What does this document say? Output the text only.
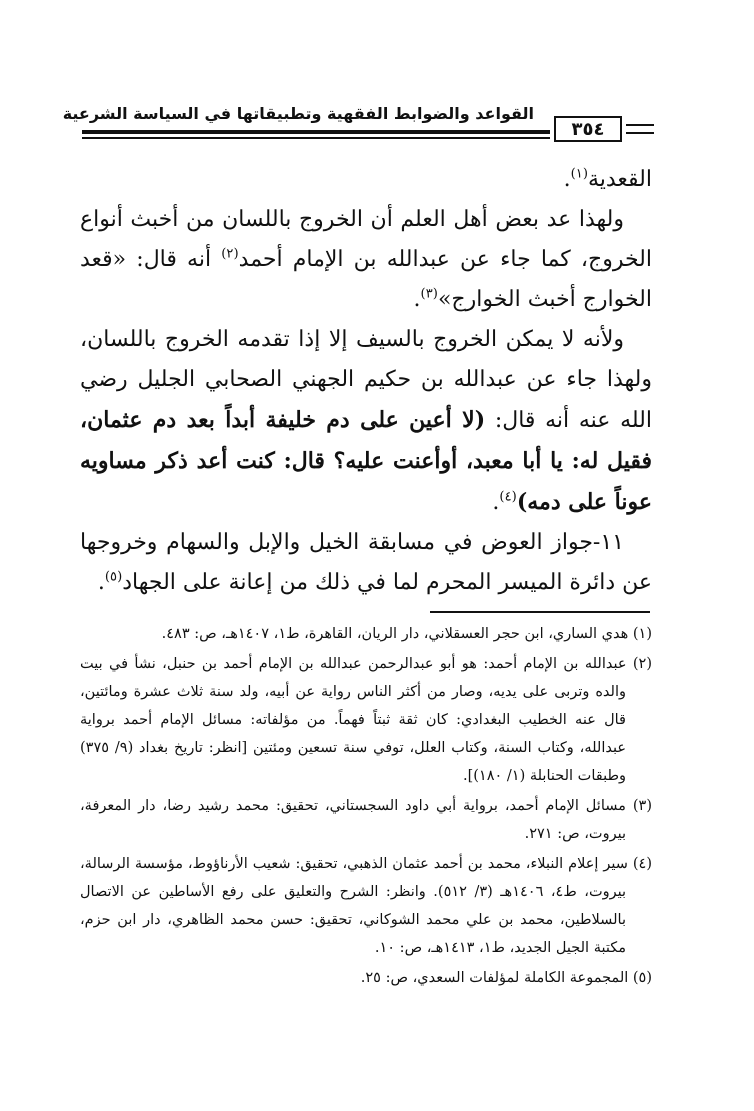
القواعد والضوابط الفقهية وتطبيقاتها في السياسة الشرعية
٣٥٤

القعدية$^{(١)}$.

ولهذا عد بعض أهل العلم أن الخروج باللسان من أخبث أنواع الخروج، كما جاء عن عبدالله بن الإمام أحمد$^{(٢)}$ أنه قال: «قعد الخوارج أخبث الخوارج»$^{(٣)}$.

ولأنه لا يمكن الخروج بالسيف إلا إذا تقدمه الخروج باللسان، ولهذا جاء عن عبدالله بن حكيم الجهني الصحابي الجليل رضي الله عنه أنه قال: (لا أعين على دم خليفة أبداً بعد دم عثمان، فقيل له: يا أبا معبد، أوأعنت عليه؟ قال: كنت أعد ذكر مساويه عوناً على دمه)$^{(٤)}$.

١١-جواز العوض في مسابقة الخيل والإبل والسهام وخروجها عن دائرة الميسر المحرم لما في ذلك من إعانة على الجهاد$^{(٥)}$.

(١) هدي الساري، ابن حجر العسقلاني، دار الريان، القاهرة، ط١، ١٤٠٧هـ، ص: ٤٨٣.

(٢) عبدالله بن الإمام أحمد: هو أبو عبدالرحمن عبدالله بن الإمام أحمد بن حنبل، نشأ في بيت والده وتربى على يديه، وصار من أكثر الناس رواية عن أبيه، ولد سنة ثلاث عشرة ومائتين، قال عنه الخطيب البغدادي: كان ثقة ثبتاً فهماً. من مؤلفاته: مسائل الإمام أحمد برواية عبدالله، وكتاب السنة، وكتاب العلل، توفي سنة تسعين ومئتين [انظر: تاريخ بغداد (٩/ ٣٧٥) وطبقات الحنابلة (١/ ١٨٠)].

(٣) مسائل الإمام أحمد، برواية أبي داود السجستاني، تحقيق: محمد رشيد رضا، دار المعرفة، بيروت، ص: ٢٧١.

(٤) سير إعلام النبلاء، محمد بن أحمد عثمان الذهبي، تحقيق: شعيب الأرناؤوط، مؤسسة الرسالة، بيروت، ط٤، ١٤٠٦هـ (٣/ ٥١٢). وانظر: الشرح والتعليق على رفع الأساطين عن الاتصال بالسلاطين، محمد بن علي محمد الشوكاني، تحقيق: حسن محمد الظاهري، دار ابن حزم، مكتبة الجيل الجديد، ط١، ١٤١٣هـ، ص: ١٠.

(٥) المجموعة الكاملة لمؤلفات السعدي، ص: ٢٥.
